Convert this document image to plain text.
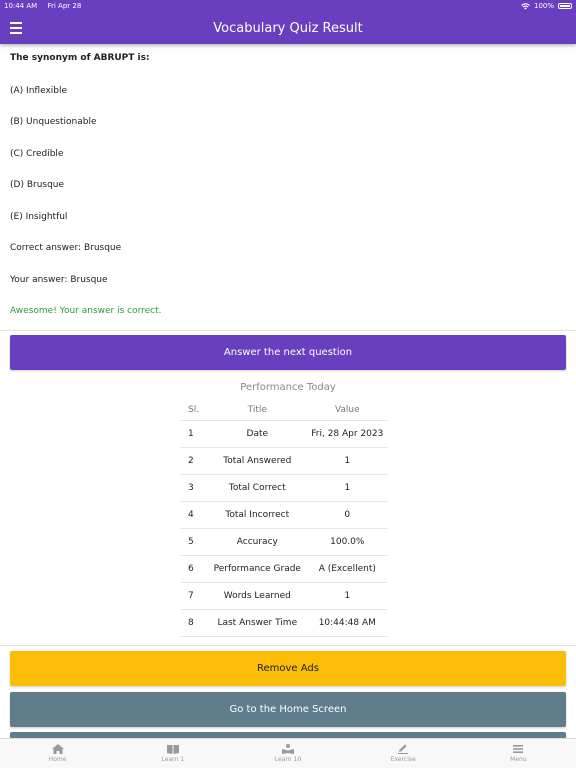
10:44 AM Fri Apr 28	100%
Vocabulary Quiz Result
The synonym of ABRUPT is:
(A) Inflexible
(B) Unquestionable
(C) Credible
(D) Brusque
(E) Insightful
Correct answer: Brusque
Your answer: Brusque
Awesome! Your answer is correct.
Answer the next question
Performance Today
Sl.	Title	Value
1	Date	Fri, 28 Apr 2023
2	Total Answered	1
3	Total Correct	1
4	Total Incorrect	0
5	Accuracy	100.0%
6	Performance Grade	A (Excellent)
7	Words Learned	1
8	Last Answer Time	10:44:48 AM
Remove Ads
Go to the Home Screen
Home	Learn 1	Learn 10	Exercise	Menu
